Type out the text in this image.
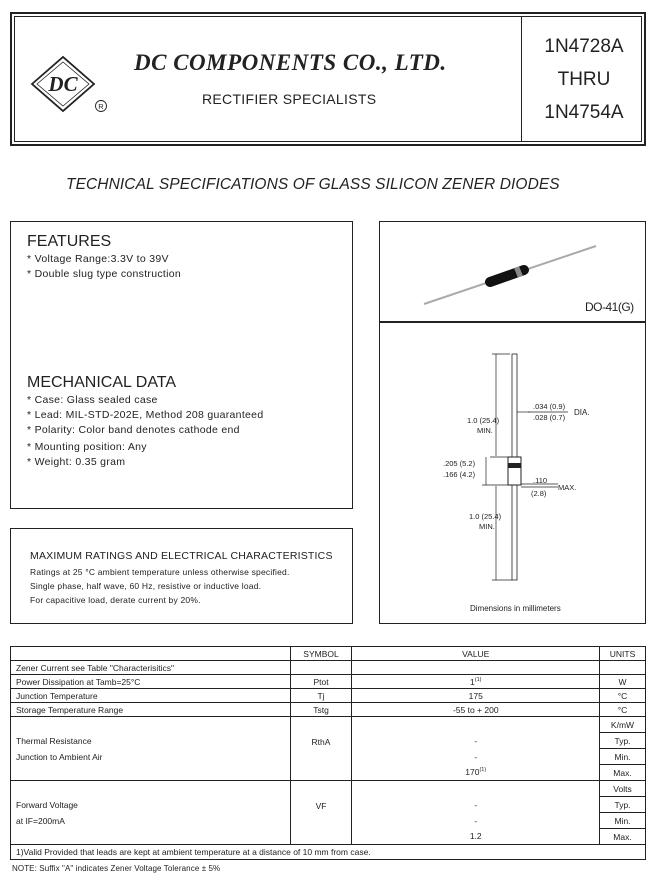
DC
R
DC COMPONENTS CO., LTD.
RECTIFIER SPECIALISTS
1N4728A
THRU
1N4754A
TECHNICAL SPECIFICATIONS OF GLASS SILICON ZENER DIODES
FEATURES
* Voltage Range:3.3V to 39V
* Double slug type construction
MECHANICAL DATA
* Case: Glass sealed case
* Lead: MIL-STD-202E, Method 208 guaranteed
* Polarity: Color band denotes cathode end
* Mounting position: Any
* Weight: 0.35 gram
MAXIMUM RATINGS AND ELECTRICAL CHARACTERISTICS
Ratings at 25 °C ambient temperature unless otherwise specified.
Single phase, half wave, 60 Hz, resistive or inductive load.
For capacitive load, derate current by 20%.
DO-41(G)
1.0 (25.4)
MIN.
.034 (0.9)
.028 (0.7)
DIA.
.205 (5.2)
.166 (4.2)
.110
(2.8)
MAX.
1.0 (25.4)
MIN.
Dimensions in millimeters
	SYMBOL	VALUE	UNITS
Zener Current see Table "Characterisitics"			
Power Dissipation at Tamb=25°C	Ptot	1$^{(1)}$	W
Junction Temperature	Tj	175	°C
Storage Temperature Range	Tstg	-55 to + 200	°C

Thermal Resistance
Junction to Ambient Air	RthA		K/mW
		-	Typ.
		-	Min.
		170$^{(1)}$	Max.

Forward Voltage
at IF=200mA	VF		Volts
		-	Typ.
		-	Min.
		1.2	Max.
1)Valid Provided that leads are kept at ambient temperature at a distance of 10 mm from case.			
NOTE: Suffix "A" indicates Zener Voltage Tolerance ± 5%
